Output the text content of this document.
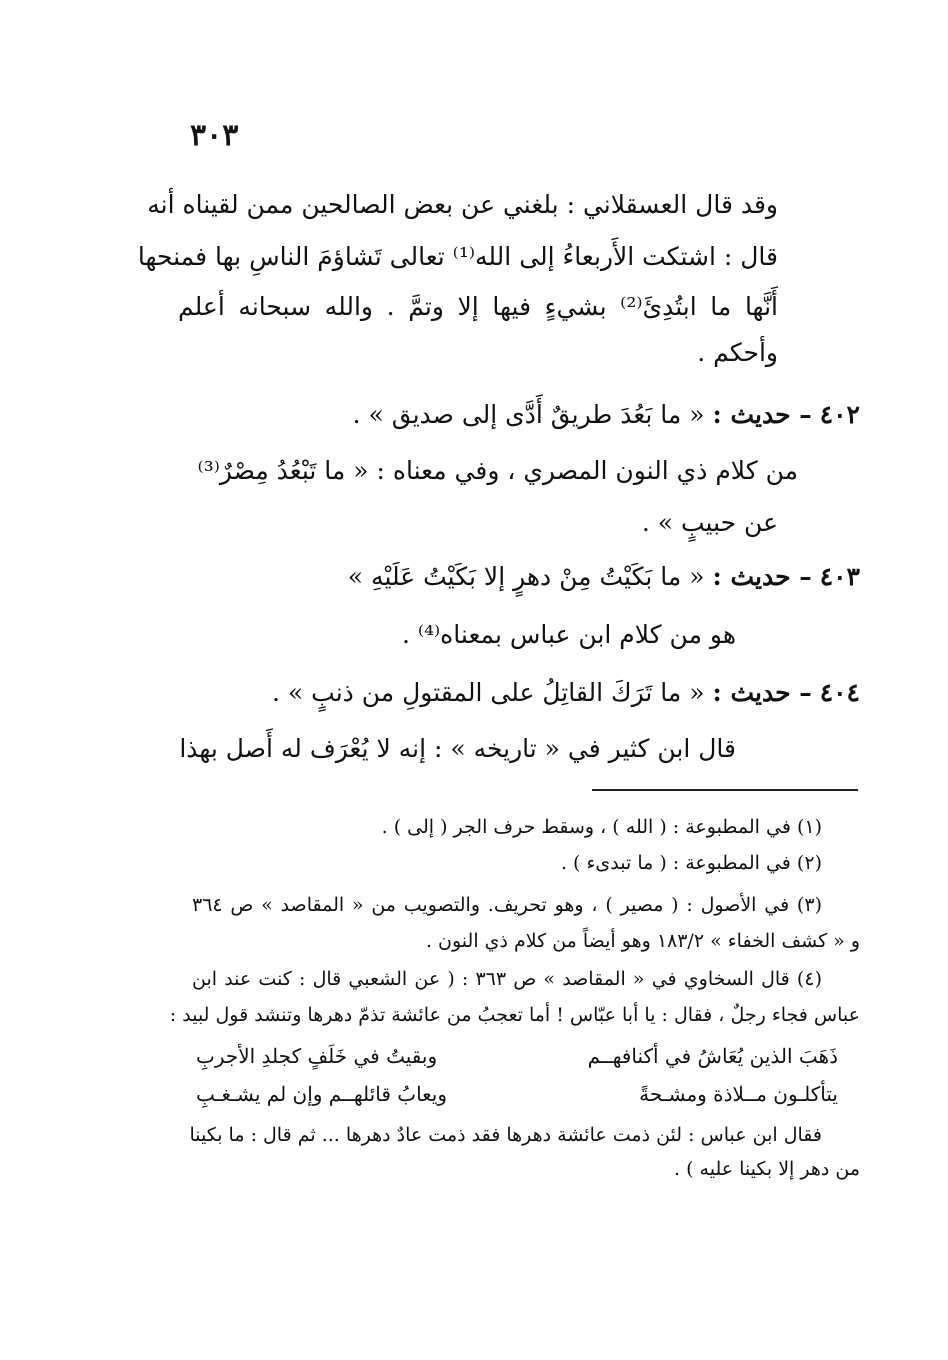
٣٠٣
وقد قال العسقلاني : بلغني عن بعض الصالحين ممن لقيناه أنه
قال : اشتكت الأَربعاءُ إلى الله⁽¹⁾ تعالى تَشاؤمَ الناسِ بها فمنحها
أَنَّها ما ابتُدِئَ⁽²⁾ بشيءٍ فيها إلا وتمَّ . والله سبحانه أعلم
وأحكم .
٤٠٢ – حديث : « ما بَعُدَ طريقٌ أَدَّى إلى صديق » .
من كلام ذي النون المصري ، وفي معناه : « ما تَبْعُدُ مِصْرٌ⁽³⁾
عن حبيبٍ » .
٤٠٣ – حديث : « ما بَكَيْتُ مِنْ دهرٍ إلا بَكَيْتُ عَلَيْهِ »
هو من كلام ابن عباس بمعناه⁽⁴⁾ .
٤٠٤ – حديث : « ما تَرَكَ القاتِلُ على المقتولِ من ذنبٍ » .
قال ابن كثير في « تاريخه » : إنه لا يُعْرَف له أَصل بهذا
(١) في المطبوعة : ( الله ) ، وسقط حرف الجر ( إلى ) .
(٢) في المطبوعة : ( ما تبدىء ) .
(٣) في الأصول : ( مصير ) ، وهو تحريف. والتصويب من « المقاصد » ص ٣٦٤
و « كشف الخفاء » ١٨٣/٢ وهو أيضاً من كلام ذي النون .
(٤) قال السخاوي في « المقاصد » ص ٣٦٣ : ( عن الشعبي قال : كنت عند ابن
عباس فجاء رجلٌ ، فقال : يا أبا عبّاس ! أما تعجبُ من عائشة تذمّ دهرها وتنشد قول لبيد :
ذَهَبَ الذين يُعَاشُ في أكنافهــم
وبقيتُ في خَلَفٍ كجلدِ الأجربِ
يتأكلـون مــلاذة ومشـحةً
ويعابُ قائلهــم وإن لم يشـغـبِ
فقال ابن عباس : لئن ذمت عائشة دهرها فقد ذمت عادٌ دهرها ... ثم قال : ما بكينا
من دهر إلا بكينا عليه ) .
